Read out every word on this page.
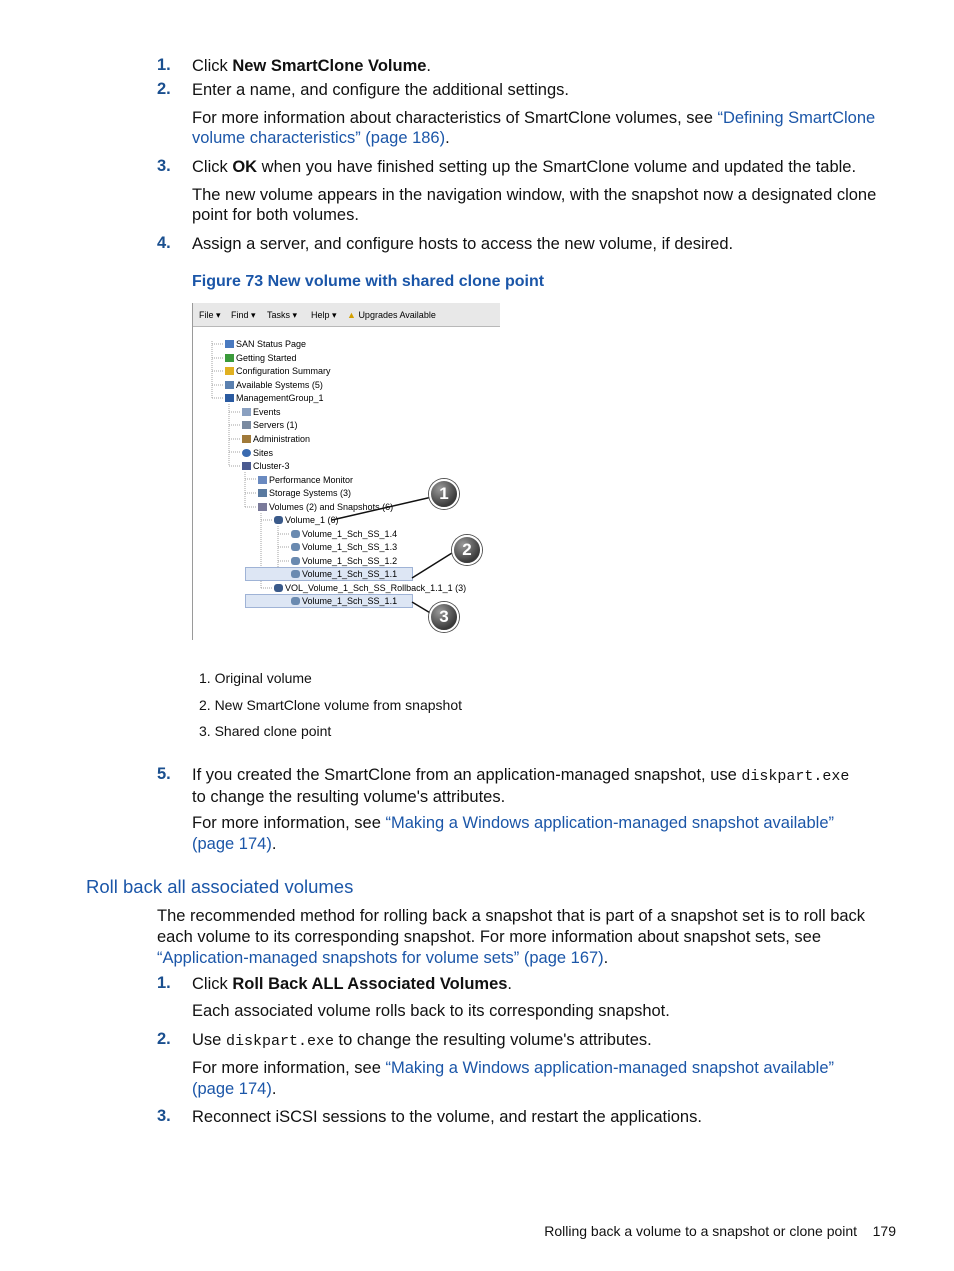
1. Click New SmartClone Volume.
2. Enter a name, and configure the additional settings.
For more information about characteristics of SmartClone volumes, see “Defining SmartClone
volume characteristics” (page 186).
3. Click OK when you have finished setting up the SmartClone volume and updated the table.
The new volume appears in the navigation window, with the snapshot now a designated clone point for both volumes.
4. Assign a server, and configure hosts to access the new volume, if desired.
Figure 73 New volume with shared clone point
File ▾ Find ▾ Tasks ▾ Help ▾ ▲ Upgrades Available
SAN Status Page
Getting Started
Configuration Summary
Available Systems (5)
ManagementGroup_1
Events
Servers (1)
Administration
Sites
Cluster-3
Performance Monitor
Storage Systems (3)
Volumes (2) and Snapshots (6)
Volume_1 (6)
Volume_1_Sch_SS_1.4
Volume_1_Sch_SS_1.3
Volume_1_Sch_SS_1.2
Volume_1_Sch_SS_1.1
VOL_Volume_1_Sch_SS_Rollback_1.1_1 (3)
Volume_1_Sch_SS_1.1
1
2
3
1. Original volume
2. New SmartClone volume from snapshot
3. Shared clone point
5. If you created the SmartClone from an application-managed snapshot, use diskpart.exe
to change the resulting volume's attributes.
For more information, see “Making a Windows application-managed snapshot available”
(page 174).
Roll back all associated volumes
The recommended method for rolling back a snapshot that is part of a snapshot set is to roll back each volume to its corresponding snapshot. For more information about snapshot sets, see
“Application-managed snapshots for volume sets” (page 167).
1. Click Roll Back ALL Associated Volumes.
Each associated volume rolls back to its corresponding snapshot.
2. Use diskpart.exe to change the resulting volume's attributes.
For more information, see “Making a Windows application-managed snapshot available”
(page 174).
3. Reconnect iSCSI sessions to the volume, and restart the applications.
Rolling back a volume to a snapshot or clone point 179
